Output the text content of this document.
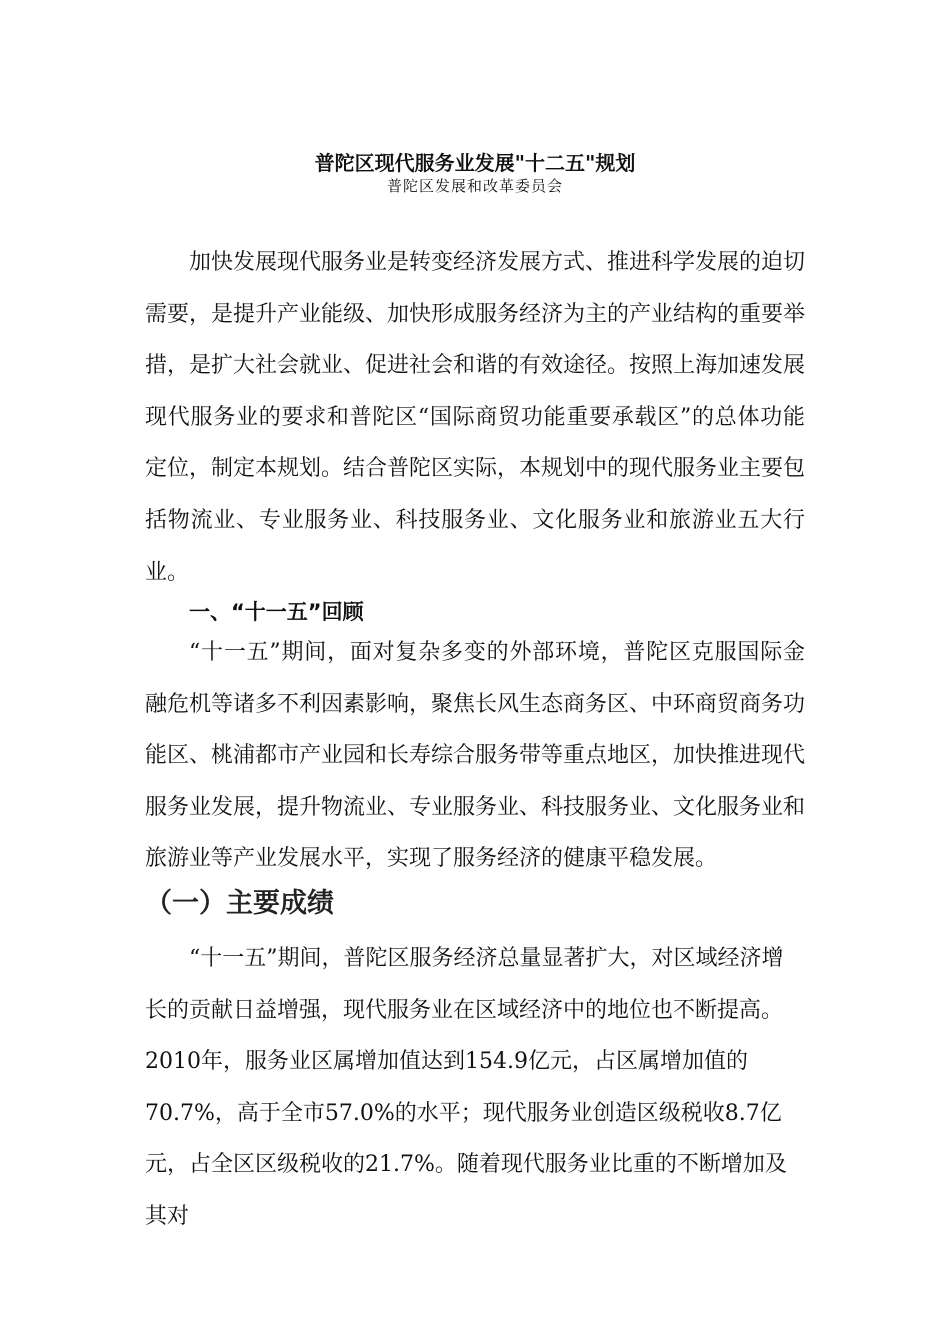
普陀区现代服务业发展"十二五"规划
普陀区发展和改革委员会

加快发展现代服务业是转变经济发展方式、推进科学发展的迫切需要，是提升产业能级、加快形成服务经济为主的产业结构的重要举措，是扩大社会就业、促进社会和谐的有效途径。按照上海加速发展现代服务业的要求和普陀区“国际商贸功能重要承载区”的总体功能定位，制定本规划。结合普陀区实际，本规划中的现代服务业主要包括物流业、专业服务业、科技服务业、文化服务业和旅游业五大行业。

一、“十一五”回顾

“十一五”期间，面对复杂多变的外部环境，普陀区克服国际金融危机等诸多不利因素影响，聚焦长风生态商务区、中环商贸商务功能区、桃浦都市产业园和长寿综合服务带等重点地区，加快推进现代服务业发展，提升物流业、专业服务业、科技服务业、文化服务业和旅游业等产业发展水平，实现了服务经济的健康平稳发展。

（一）主要成绩

“十一五”期间，普陀区服务经济总量显著扩大，对区域经济增长的贡献日益增强，现代服务业在区域经济中的地位也不断提高。2010年，服务业区属增加值达到154.9亿元，占区属增加值的70.7%，高于全市57.0%的水平；现代服务业创造区级税收8.7亿元，占全区区级税收的21.7%。随着现代服务业比重的不断增加及其对
